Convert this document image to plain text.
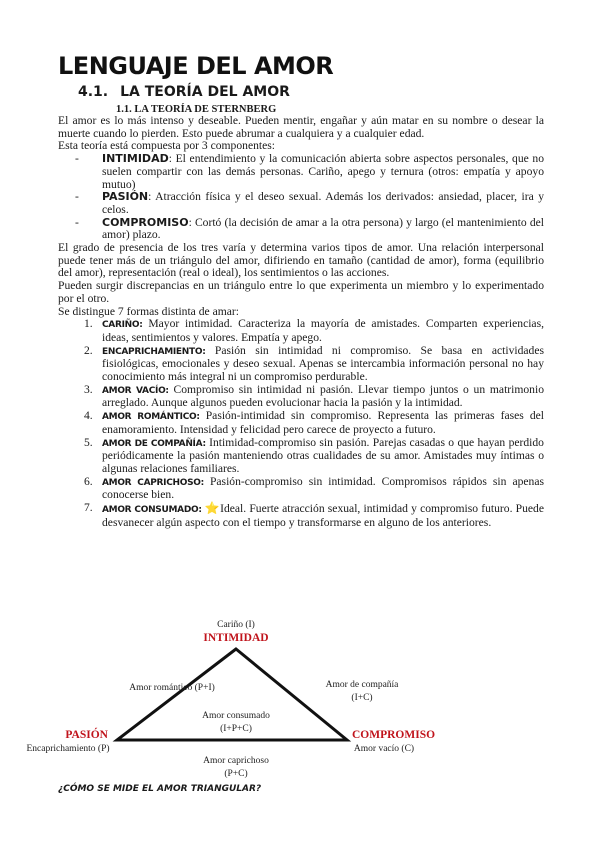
LENGUAJE DEL AMOR
4.1. LA TEORÍA DEL AMOR
1.1. LA TEORÍA DE STERNBERG

El amor es lo más intenso y deseable. Pueden mentir, engañar y aún matar en su nombre o desear la muerte cuando lo pierden. Esto puede abrumar a cualquiera y a cualquier edad.

Esta teoría está compuesta por 3 componentes:

- INTIMIDAD: El entendimiento y la comunicación abierta sobre aspectos personales, que no suelen compartir con las demás personas. Cariño, apego y ternura (otros: empatía y apoyo mutuo)
- PASIÓN: Atracción física y el deseo sexual. Además los derivados: ansiedad, placer, ira y celos.
- COMPROMISO: Cortó (la decisión de amar a la otra persona) y largo (el mantenimiento del amor) plazo.

El grado de presencia de los tres varía y determina varios tipos de amor. Una relación interpersonal puede tener más de un triángulo del amor, difiriendo en tamaño (cantidad de amor), forma (equilibrio del amor), representación (real o ideal), los sentimientos o las acciones.

Pueden surgir discrepancias en un triángulo entre lo que experimenta un miembro y lo experimentado por el otro.

Se distingue 7 formas distinta de amar:

1. CARIÑO: Mayor intimidad. Caracteriza la mayoría de amistades. Comparten experiencias, ideas, sentimientos y valores. Empatía y apego.
2. ENCAPRICHAMIENTO: Pasión sin intimidad ni compromiso. Se basa en actividades fisiológicas, emocionales y deseo sexual. Apenas se intercambia información personal no hay conocimiento más integral ni un compromiso perdurable.
3. AMOR VACÍO: Compromiso sin intimidad ni pasión. Llevar tiempo juntos o un matrimonio arreglado. Aunque algunos pueden evolucionar hacia la pasión y la intimidad.
4. AMOR ROMÁNTICO: Pasión-intimidad sin compromiso. Representa las primeras fases del enamoramiento. Intensidad y felicidad pero carece de proyecto a futuro.
5. AMOR DE COMPAÑÍA: Intimidad-compromiso sin pasión. Parejas casadas o que hayan perdido periódicamente la pasión manteniendo otras cualidades de su amor. Amistades muy íntimas o algunas relaciones familiares.
6. AMOR CAPRICHOSO: Pasión-compromiso sin intimidad. Compromisos rápidos sin apenas conocerse bien.
7. AMOR CONSUMADO: ⭐Ideal. Fuerte atracción sexual, intimidad y compromiso futuro. Puede desvanecer algún aspecto con el tiempo y transformarse en alguno de los anteriores.
Cariño (I)
INTIMIDAD
Amor romántico (P+I)	Amor de compañía
(I+C)
Amor consumado
(I+P+C)
PASIÓN
Encaprichamiento (P)
COMPROMISO
Amor vacío (C)
Amor caprichoso
(P+C)
¿CÓMO SE MIDE EL AMOR TRIANGULAR?
